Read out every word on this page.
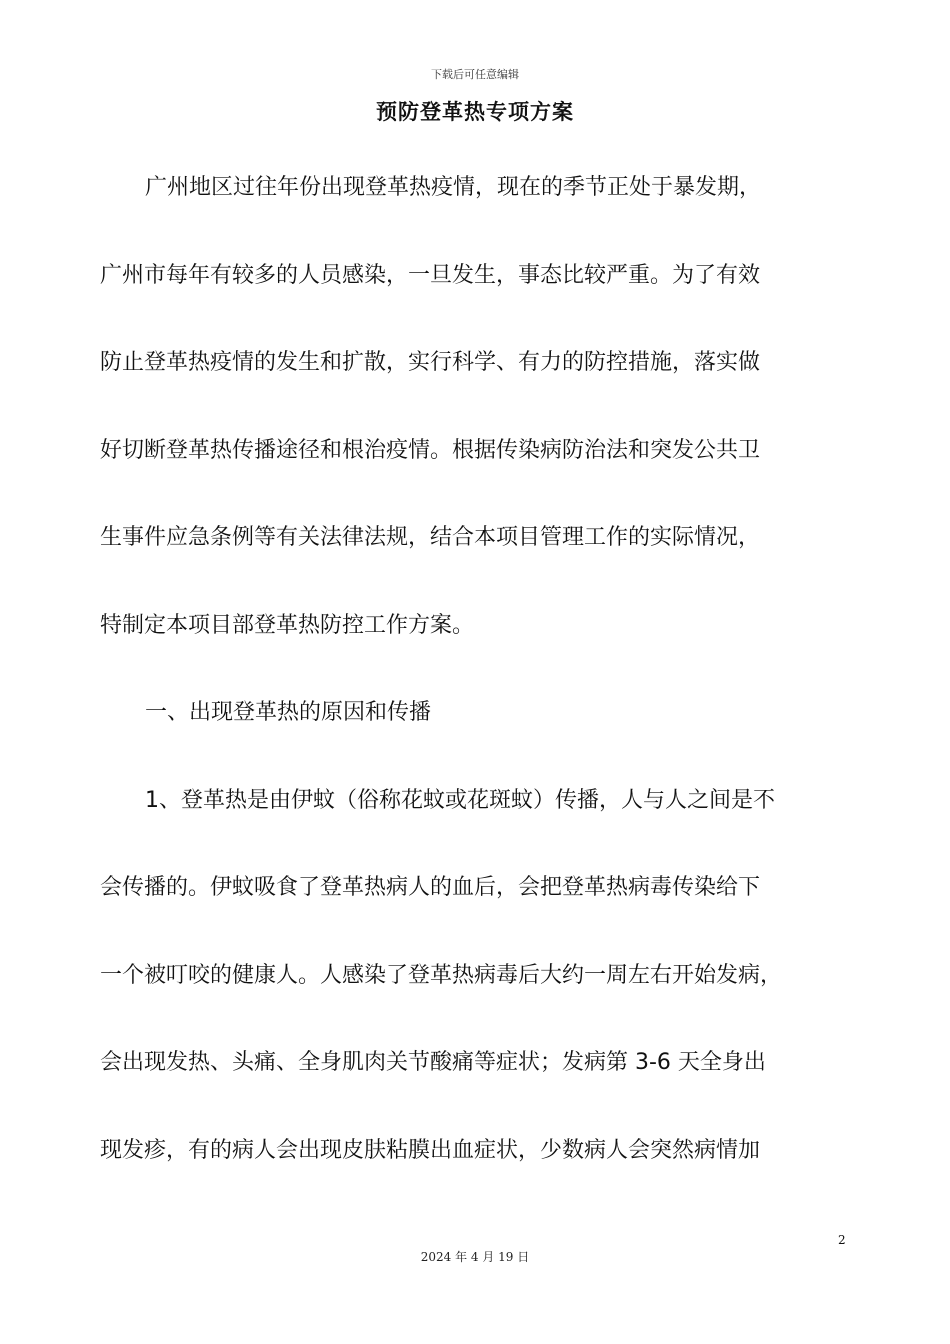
下载后可任意编辑
预防登革热专项方案
广州地区过往年份出现登革热疫情，现在的季节正处于暴发期，
广州市每年有较多的人员感染，一旦发生，事态比较严重。为了有效
防止登革热疫情的发生和扩散，实行科学、有力的防控措施，落实做
好切断登革热传播途径和根治疫情。根据传染病防治法和突发公共卫
生事件应急条例等有关法律法规，结合本项目管理工作的实际情况，
特制定本项目部登革热防控工作方案。
一、出现登革热的原因和传播
1、登革热是由伊蚊（俗称花蚊或花斑蚊）传播，人与人之间是不
会传播的。伊蚊吸食了登革热病人的血后，会把登革热病毒传染给下
一个被叮咬的健康人。人感染了登革热病毒后大约一周左右开始发病，
会出现发热、头痛、全身肌肉关节酸痛等症状；发病第 3-6 天全身出
现发疹，有的病人会出现皮肤粘膜出血症状，少数病人会突然病情加
2
2024 年 4 月 19 日
